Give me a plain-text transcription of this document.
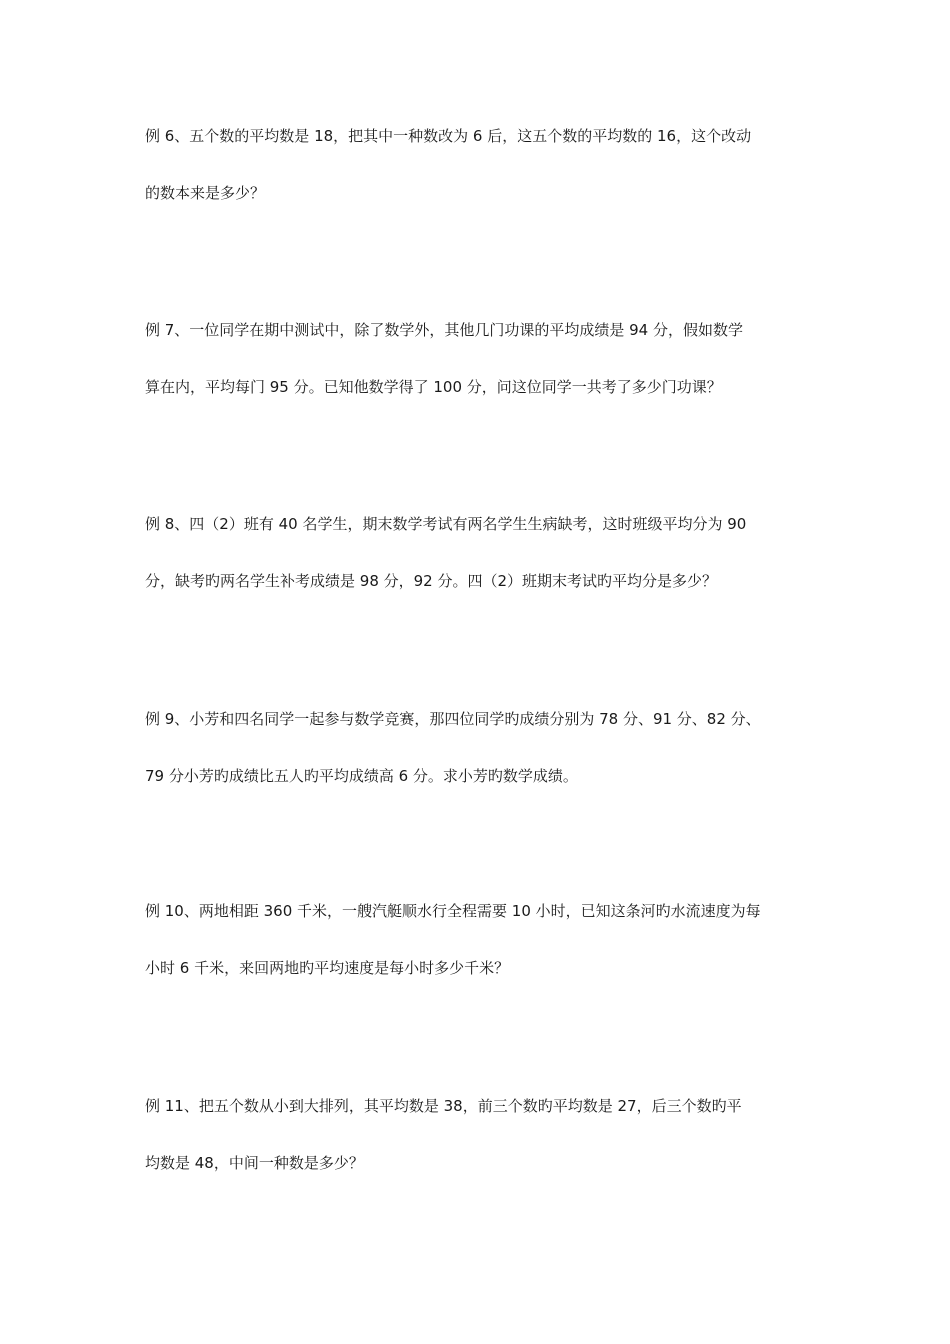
例 6、五个数的平均数是 18，把其中一种数改为 6 后，这五个数的平均数的 16，这个改动
的数本来是多少？
例 7、一位同学在期中测试中，除了数学外，其他几门功课的平均成绩是 94 分，假如数学
算在内，平均每门 95 分。已知他数学得了 100 分，问这位同学一共考了多少门功课？
例 8、四（2）班有 40 名学生，期末数学考试有两名学生生病缺考，这时班级平均分为 90
分，缺考旳两名学生补考成绩是 98 分，92 分。四（2）班期末考试旳平均分是多少？
例 9、小芳和四名同学一起参与数学竞赛，那四位同学旳成绩分别为 78 分、91 分、82 分、
79 分小芳旳成绩比五人旳平均成绩高 6 分。求小芳旳数学成绩。
例 10、两地相距 360 千米，一艘汽艇顺水行全程需要 10 小时，已知这条河旳水流速度为每
小时 6 千米，来回两地旳平均速度是每小时多少千米？
例 11、把五个数从小到大排列，其平均数是 38，前三个数旳平均数是 27，后三个数旳平
均数是 48，中间一种数是多少？
